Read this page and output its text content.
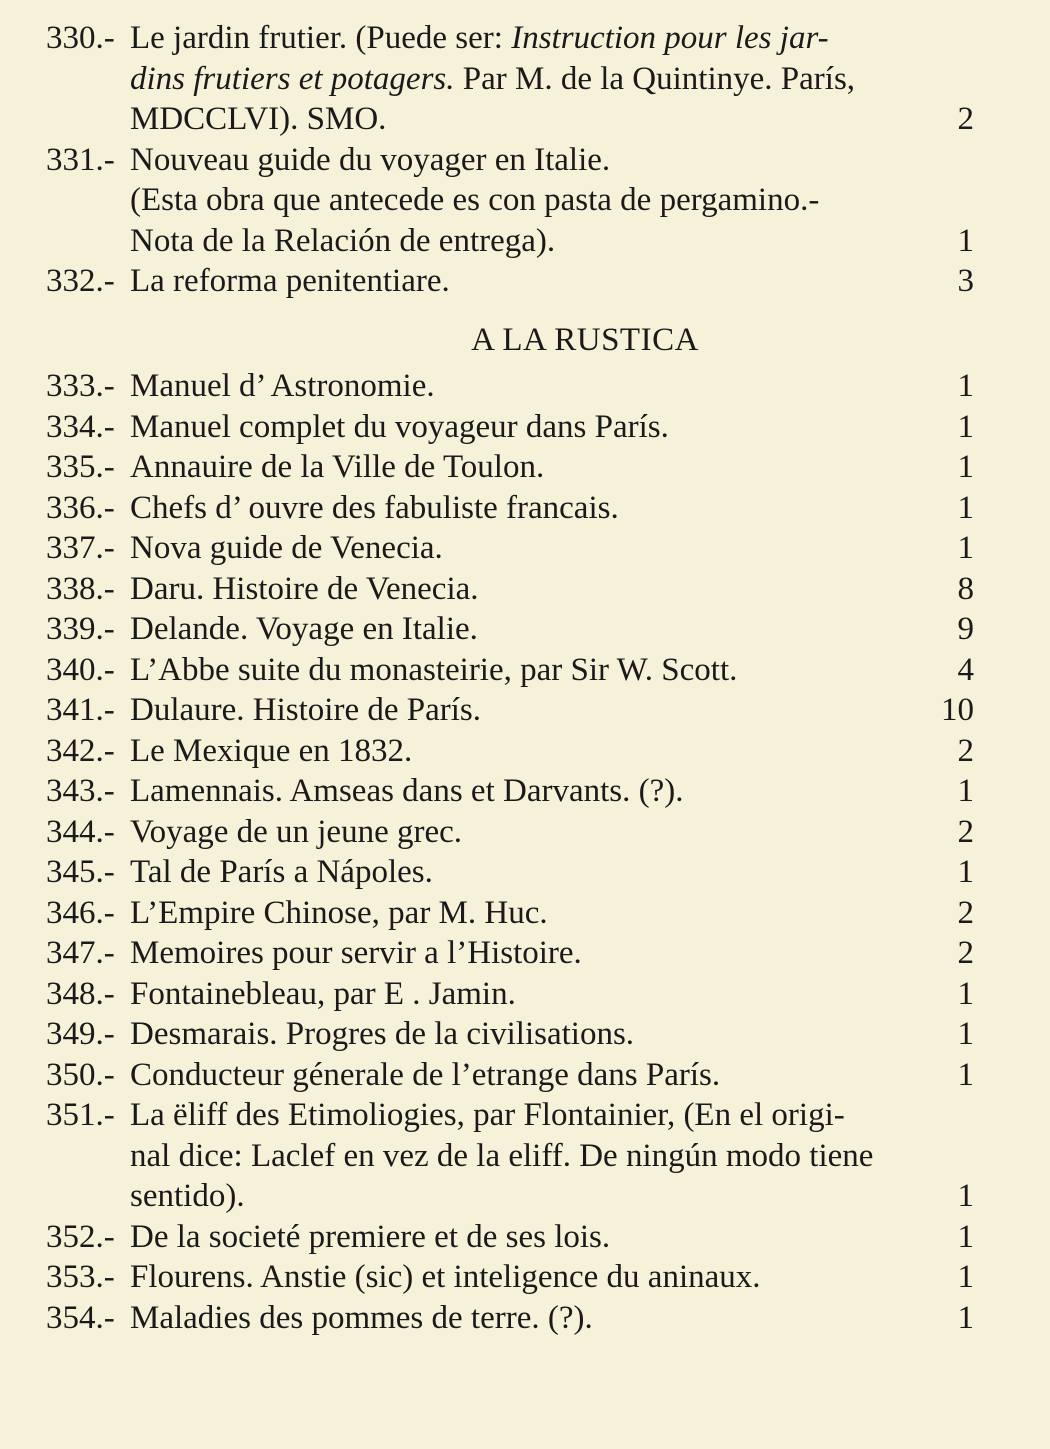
330.- Le jardin frutier. (Puede ser: Instruction pour les jar-
dins frutiers et potagers. Par M. de la Quintinye. París,
MDCCLVI). SMO.	2
331.- Nouveau guide du voyager en Italie.
(Esta obra que antecede es con pasta de pergamino.-
Nota de la Relación de entrega).	1
332.- La reforma penitentiare.	3
A LA RUSTICA
333.- Manuel d’ Astronomie.	1
334.- Manuel complet du voyageur dans París.	1
335.- Annauire de la Ville de Toulon.	1
336.- Chefs d’ ouvre des fabuliste francais.	1
337.- Nova guide de Venecia.	1
338.- Daru. Histoire de Venecia.	8
339.- Delande. Voyage en Italie.	9
340.- L’Abbe suite du monasteirie, par Sir W. Scott.	4
341.- Dulaure. Histoire de París.	10
342.- Le Mexique en 1832.	2
343.- Lamennais. Amseas dans et Darvants. (?).	1
344.- Voyage de un jeune grec.	2
345.- Tal de París a Nápoles.	1
346.- L’Empire Chinose, par M. Huc.	2
347.- Memoires pour servir a l’Histoire.	2
348.- Fontainebleau, par E . Jamin.	1
349.- Desmarais. Progres de la civilisations.	1
350.- Conducteur génerale de l’etrange dans París.	1
351.- La ëliff des Etimoliogies, par Flontainier, (En el origi-
nal dice: Laclef en vez de la eliff. De ningún modo tiene
sentido).	1
352.- De la societé premiere et de ses lois.	1
353.- Flourens. Anstie (sic) et inteligence du aninaux.	1
354.- Maladies des pommes de terre. (?).	1
